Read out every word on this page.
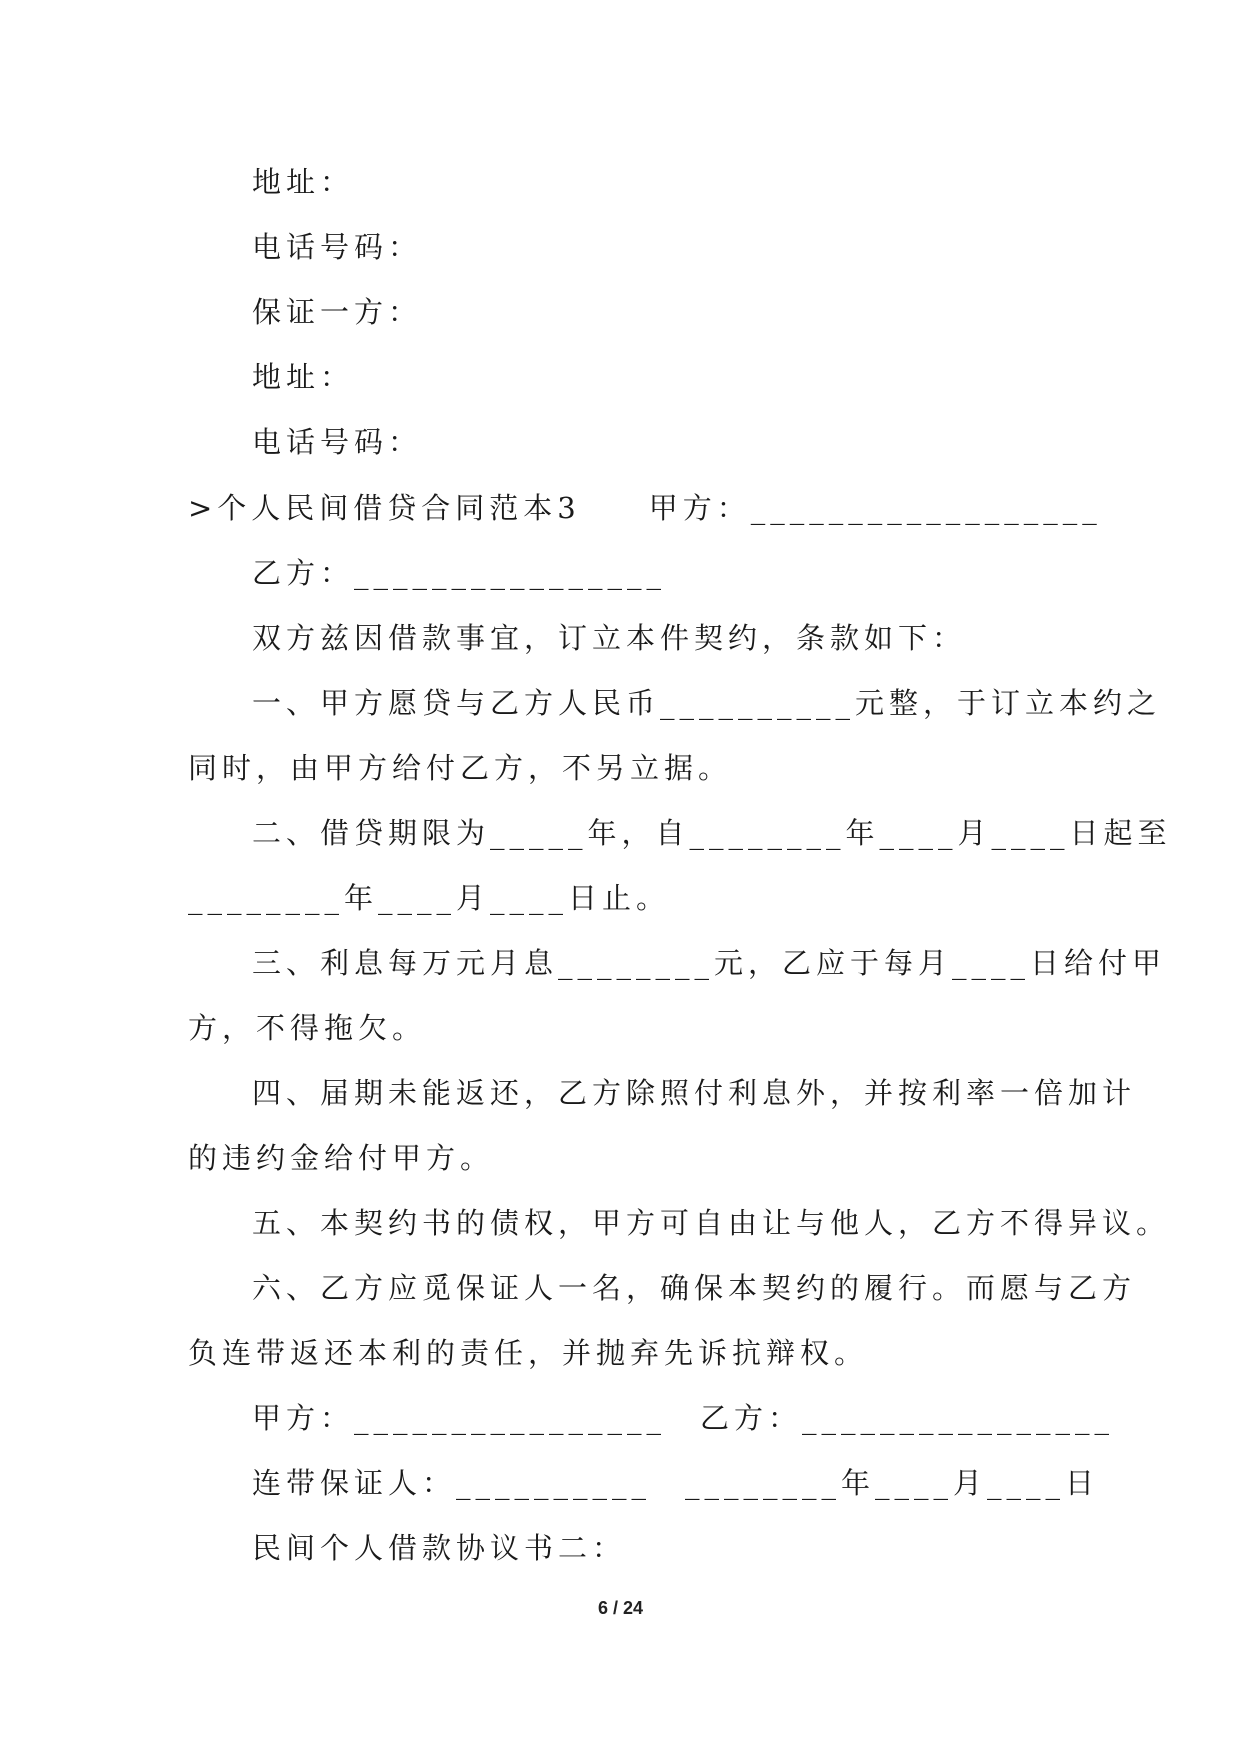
地址：
电话号码：
保证一方：
地址：
电话号码：
>个人民间借贷合同范本3　　甲方：__________________
乙方：________________
双方兹因借款事宜，订立本件契约，条款如下：
一、甲方愿贷与乙方人民币__________元整，于订立本约之
同时，由甲方给付乙方，不另立据。
二、借贷期限为_____年，自________年____月____日起至
________年____月____日止。
三、利息每万元月息________元，乙应于每月____日给付甲
方，不得拖欠。
四、届期未能返还，乙方除照付利息外，并按利率一倍加计
的违约金给付甲方。
五、本契约书的债权，甲方可自由让与他人，乙方不得异议。
六、乙方应觅保证人一名，确保本契约的履行。而愿与乙方
负连带返还本利的责任，并抛弃先诉抗辩权。
甲方：________________　乙方：________________
连带保证人：__________　________年____月____日
民间个人借款协议书二：
6 / 24
